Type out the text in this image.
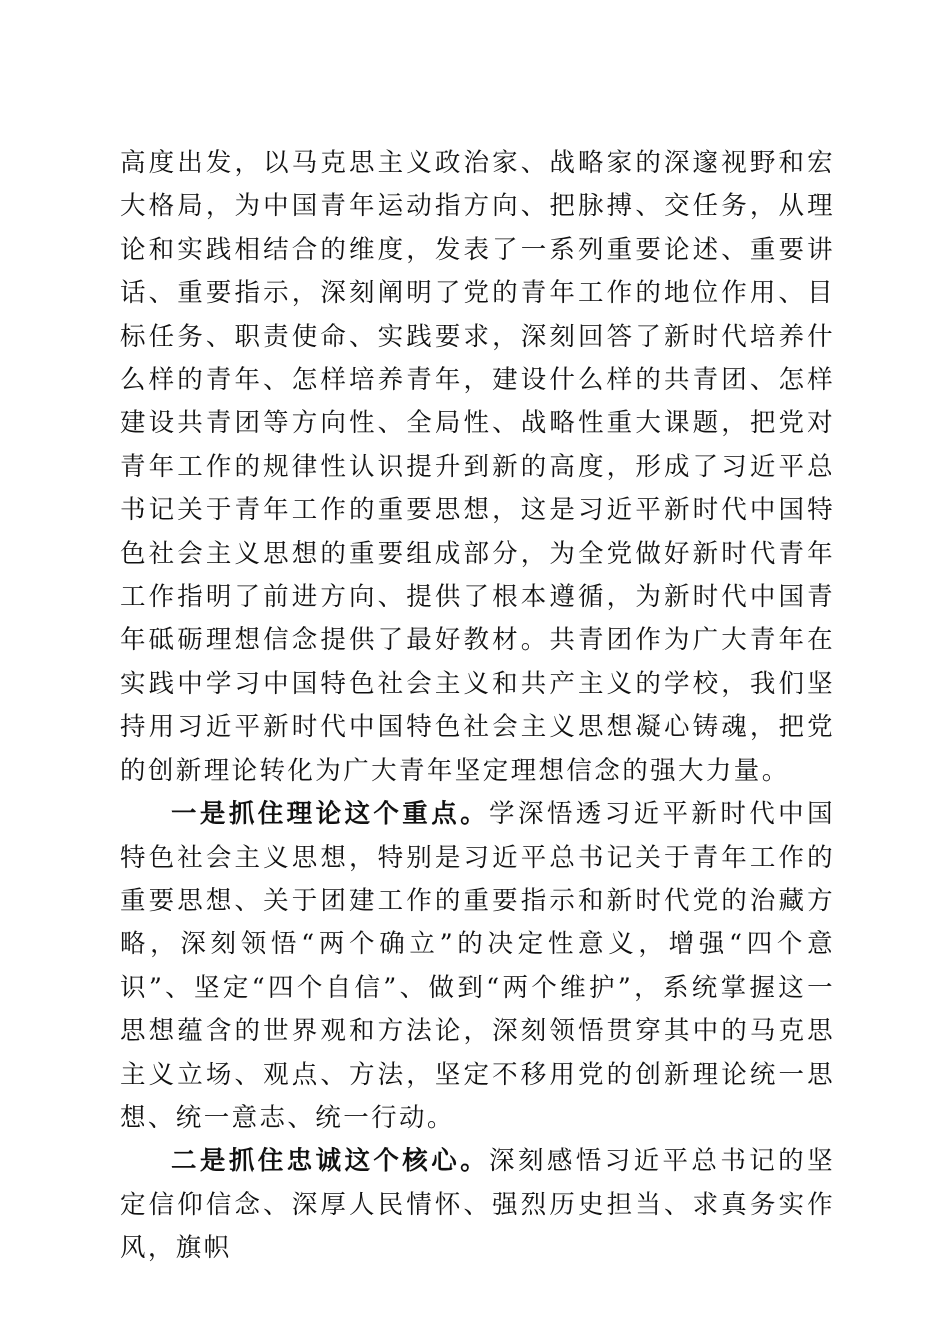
高度出发，以马克思主义政治家、战略家的深邃视野和宏大格局，为中国青年运动指方向、把脉搏、交任务，从理论和实践相结合的维度，发表了一系列重要论述、重要讲话、重要指示，深刻阐明了党的青年工作的地位作用、目标任务、职责使命、实践要求，深刻回答了新时代培养什么样的青年、怎样培养青年，建设什么样的共青团、怎样建设共青团等方向性、全局性、战略性重大课题，把党对青年工作的规律性认识提升到新的高度，形成了习近平总书记关于青年工作的重要思想，这是习近平新时代中国特色社会主义思想的重要组成部分，为全党做好新时代青年工作指明了前进方向、提供了根本遵循，为新时代中国青年砥砺理想信念提供了最好教材。共青团作为广大青年在实践中学习中国特色社会主义和共产主义的学校，我们坚持用习近平新时代中国特色社会主义思想凝心铸魂，把党的创新理论转化为广大青年坚定理想信念的强大力量。

一是抓住理论这个重点。学深悟透习近平新时代中国特色社会主义思想，特别是习近平总书记关于青年工作的重要思想、关于团建工作的重要指示和新时代党的治藏方略，深刻领悟“两个确立”的决定性意义，增强“四个意识”、坚定“四个自信”、做到“两个维护”，系统掌握这一思想蕴含的世界观和方法论，深刻领悟贯穿其中的马克思主义立场、观点、方法，坚定不移用党的创新理论统一思想、统一意志、统一行动。

二是抓住忠诚这个核心。深刻感悟习近平总书记的坚定信仰信念、深厚人民情怀、强烈历史担当、求真务实作风，旗帜
